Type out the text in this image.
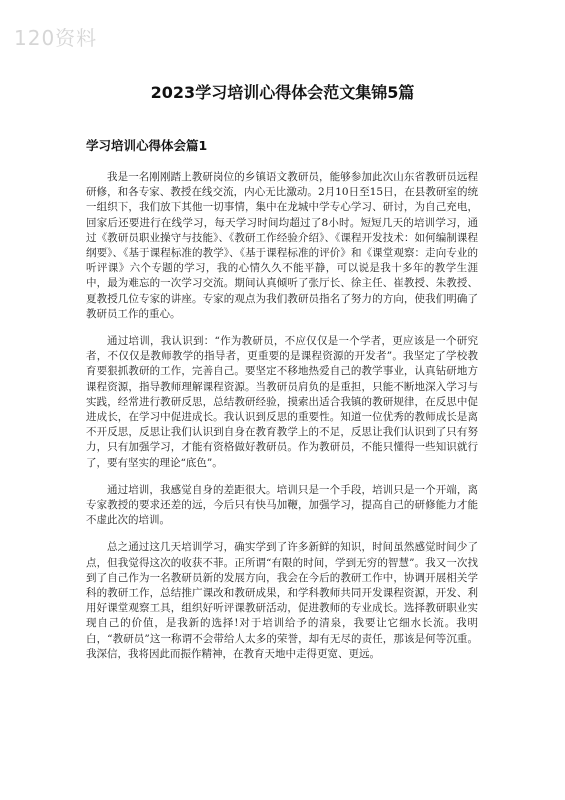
120资料
2023学习培训心得体会范文集锦5篇
学习培训心得体会篇1

我是一名刚刚踏上教研岗位的乡镇语文教研员，能够参加此次山东省教研员远程研修，和各专家、教授在线交流，内心无比激动。2月10日至15日，在县教研室的统一组织下，我们放下其他一切事情，集中在龙城中学专心学习、研讨，为自己充电，回家后还要进行在线学习，每天学习时间均超过了8小时。短短几天的培训学习，通过《教研员职业操守与技能》、《教研工作经验介绍》、《课程开发技术：如何编制课程纲要》、《基于课程标准的教学》、《基于课程标准的评价》和《课堂观察：走向专业的听评课》六个专题的学习，我的心情久久不能平静，可以说是我十多年的教学生涯中，最为难忘的一次学习交流。期间认真倾听了张厅长、徐主任、崔教授、朱教授、夏教授几位专家的讲座。专家的观点为我们教研员指名了努力的方向，使我们明确了教研员工作的重心。

通过培训，我认识到：“作为教研员，不应仅仅是一个学者，更应该是一个研究者，不仅仅是教师教学的指导者，更重要的是课程资源的开发者”。我坚定了学校教育要狠抓教研的工作，完善自己。要坚定不移地热爱自己的教学事业，认真钻研地方课程资源，指导教师理解课程资源。当教研员肩负的是重担，只能不断地深入学习与实践，经常进行教研反思，总结教研经验，摸索出适合我镇的教研规律，在反思中促进成长，在学习中促进成长。我认识到反思的重要性。知道一位优秀的教师成长是离不开反思，反思让我们认识到自身在教育教学上的不足，反思让我们认识到了只有努力，只有加强学习，才能有资格做好教研员。作为教研员，不能只懂得一些知识就行了，要有坚实的理论“底色”。

通过培训，我感觉自身的差距很大。培训只是一个手段，培训只是一个开端，离专家教授的要求还差的远，今后只有快马加鞭，加强学习，提高自己的研修能力才能不虚此次的培训。

总之通过这几天培训学习，确实学到了许多新鲜的知识，时间虽然感觉时间少了点，但我觉得这次的收获不菲。正所谓“有限的时间，学到无穷的智慧”。我又一次找到了自己作为一名教研员新的发展方向，我会在今后的教研工作中，协调开展相关学科的教研工作，总结推广课改和教研成果，和学科教师共同开发课程资源，开发、利用好课堂观察工具，组织好听评课教研活动，促进教师的专业成长。选择教研职业实现自己的价值，是我新的选择!对于培训给予的清泉，我要让它细水长流。我明白，“教研员”这一称谓不会带给人太多的荣誉，却有无尽的责任，那该是何等沉重。我深信，我将因此而振作精神，在教育天地中走得更宽、更远。
